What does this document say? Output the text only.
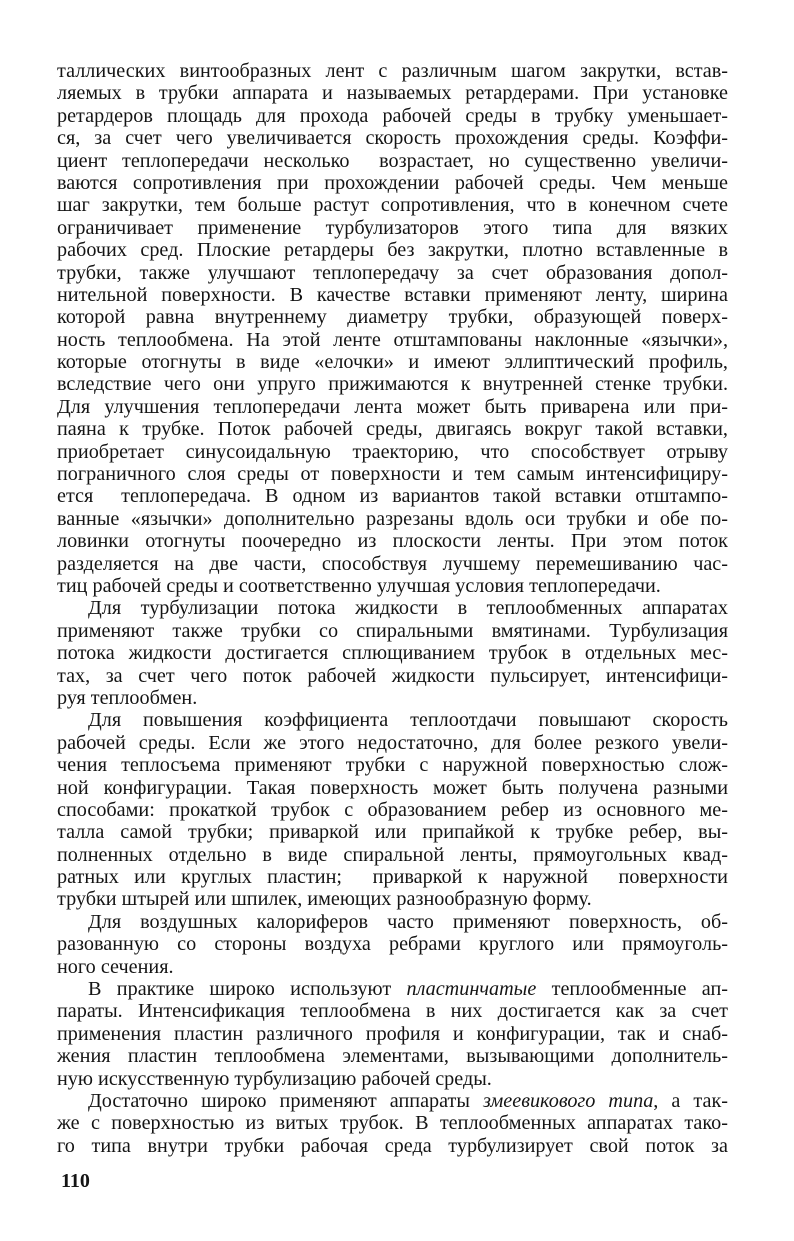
таллических винтообразных лент с различным шагом закрутки, встав-
ляемых в трубки аппарата и называемых ретардерами. При установке
ретардеров площадь для прохода рабочей среды в трубку уменьшает-
ся, за счет чего увеличивается скорость прохождения среды. Коэффи-
циент теплопередачи несколько  возрастает, но существенно увеличи-
ваются сопротивления при прохождении рабочей среды. Чем меньше
шаг закрутки, тем больше растут сопротивления, что в конечном счете
ограничивает  применение  турбулизаторов  этого  типа  для  вязких
рабочих сред. Плоские ретардеры без закрутки, плотно вставленные в
трубки, также улучшают теплопередачу за счет образования допол-
нительной поверхности. В качестве вставки применяют ленту, ширина
которой равна внутреннему диаметру трубки, образующей поверх-
ность теплообмена. На этой ленте отштампованы наклонные «язычки»,
которые отогнуты в виде «елочки» и имеют эллиптический профиль,
вследствие чего они упруго прижимаются к внутренней стенке трубки.
Для улучшения теплопередачи лента может быть приварена или при-
паяна к трубке. Поток рабочей среды, двигаясь вокруг такой вставки,
приобретает синусоидальную траекторию, что способствует отрыву
пограничного слоя среды от поверхности и тем самым интенсифициру-
ется  теплопередача. В одном из вариантов такой вставки отштампо-
ванные «язычки» дополнительно разрезаны вдоль оси трубки и обе по-
ловинки отогнуты поочередно из плоскости ленты. При этом поток
разделяется на две части, способствуя лучшему перемешиванию час-
тиц рабочей среды и соответственно улучшая условия теплопередачи.
Для турбулизации потока жидкости в теплообменных аппаратах
применяют также трубки со спиральными вмятинами. Турбулизация
потока жидкости достигается сплющиванием трубок в отдельных мес-
тах, за счет чего поток рабочей жидкости пульсирует, интенсифици-
руя теплообмен.
Для повышения коэффициента теплоотдачи повышают скорость
рабочей среды. Если же этого недостаточно, для более резкого увели-
чения теплосъема применяют трубки с наружной поверхностью слож-
ной конфигурации. Такая поверхность может быть получена разными
способами: прокаткой трубок с образованием ребер из основного ме-
талла самой трубки; приваркой или припайкой к трубке ребер, вы-
полненных отдельно в виде спиральной ленты, прямоугольных квад-
ратных или круглых пластин;  приваркой к наружной  поверхности
трубки штырей или шпилек, имеющих разнообразную форму.
Для воздушных калориферов часто применяют поверхность, об-
разованную со стороны воздуха ребрами круглого или прямоуголь-
ного сечения.
В практике широко используют пластинчатые теплообменные ап-
параты. Интенсификация теплообмена в них достигается как за счет
применения пластин различного профиля и конфигурации, так и снаб-
жения пластин теплообмена элементами, вызывающими дополнитель-
ную искусственную турбулизацию рабочей среды.
Достаточно широко применяют аппараты змеевикового типа, а так-
же с поверхностью из витых трубок. В теплообменных аппаратах тако-
го типа внутри трубки рабочая среда турбулизирует свой поток за
110
